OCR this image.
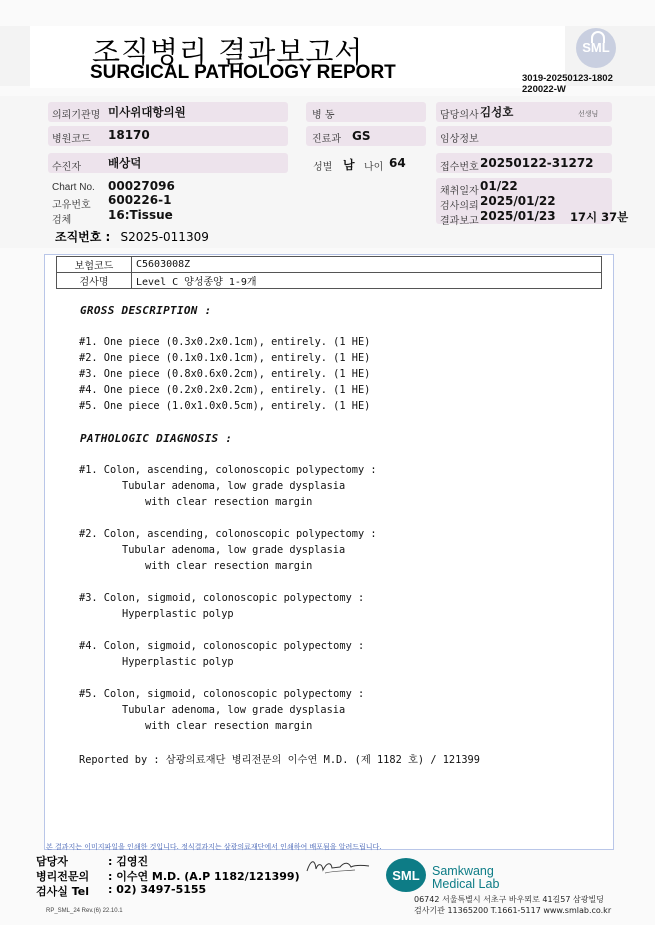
조직병리 결과보고서
SURGICAL PATHOLOGY REPORT
SML
3019-20250123-1802
220022-W
의뢰기관명 미사위대항의원
병원코드 18170
수진자 배상덕
Chart No. 00027096
고유번호 600226-1
검체	16:Tissue
조직번호 : S2025-011309
병 동
진료과 GS
성별 남 나이 64
담당의사 김성호	선생님
임상정보
접수번호 20250122-31272
채취일자 01/22
검사의뢰 2025/01/22
결과보고 2025/01/23 17시 37분
보험코드	C5603008Z
검사명	Level C 양성종양 1-9개
GROSS DESCRIPTION :
#1. One piece (0.3x0.2x0.1cm), entirely. (1 HE)
#2. One piece (0.1x0.1x0.1cm), entirely. (1 HE)
#3. One piece (0.8x0.6x0.2cm), entirely. (1 HE)
#4. One piece (0.2x0.2x0.2cm), entirely. (1 HE)
#5. One piece (1.0x1.0x0.5cm), entirely. (1 HE)
PATHOLOGIC DIAGNOSIS :
#1. Colon, ascending, colonoscopic polypectomy :
Tubular adenoma, low grade dysplasia
with clear resection margin
#2. Colon, ascending, colonoscopic polypectomy :
Tubular adenoma, low grade dysplasia
with clear resection margin
#3. Colon, sigmoid, colonoscopic polypectomy :
Hyperplastic polyp
#4. Colon, sigmoid, colonoscopic polypectomy :
Hyperplastic polyp
#5. Colon, sigmoid, colonoscopic polypectomy :
Tubular adenoma, low grade dysplasia
with clear resection margin
Reported by : 삼광의료재단 병리전문의 이수연 M.D. (제 1182 호) / 121399
본 결과지는 이미지파일을 인쇄한 것입니다. 정식결과지는 삼광의료재단에서 인쇄하여 배포됨을 알려드립니다.
담당자	: 김영진
병리전문의 : 이수연 M.D. (A.P 1182/121399)
검사실 Tel : 02) 3497-5155
SML Samkwang
Medical Lab
06742 서울특별시 서초구 바우뫼로 41길57 삼광빌딩
검사기관 11365200 T.1661-5117 www.smlab.co.kr
RP_SML_24 Rev.(6) 22.10.1
